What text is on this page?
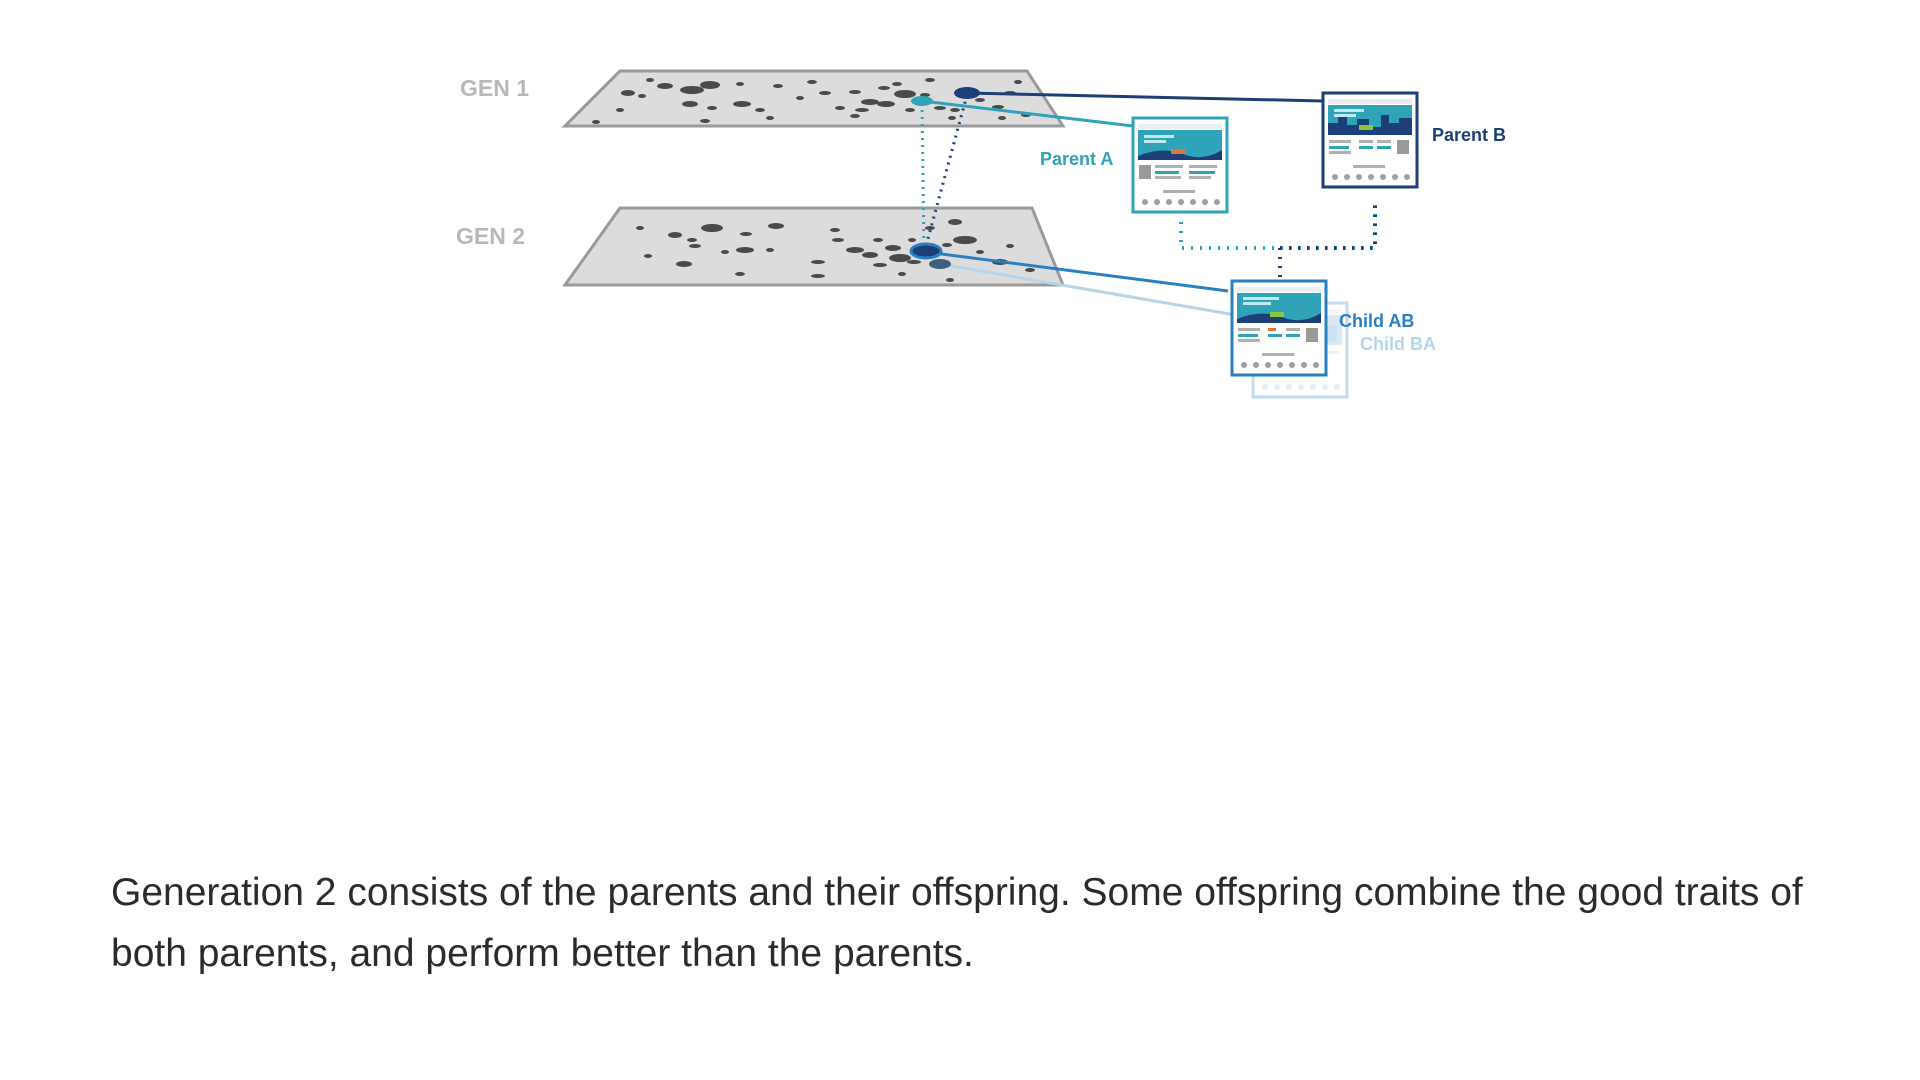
GEN 1
GEN 2
Parent A
Parent B
Child BA
Child AB

Generation 2 consists of the parents and their offspring. Some offspring combine the good traits of both parents, and perform better than the parents.
